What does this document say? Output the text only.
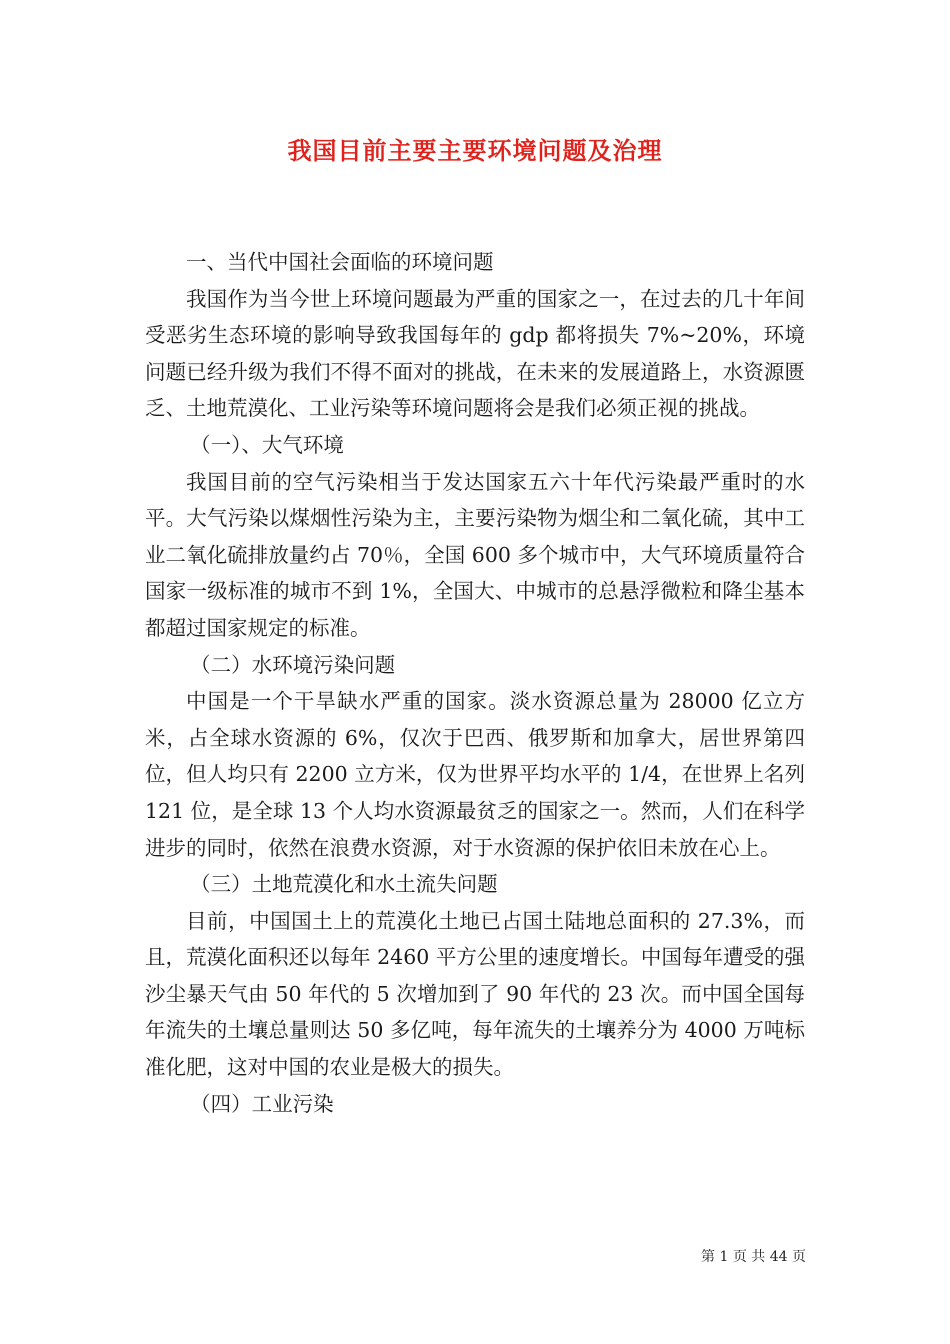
我国目前主要主要环境问题及治理

一、当代中国社会面临的环境问题

我国作为当今世上环境问题最为严重的国家之一，在过去的几十年间受恶劣生态环境的影响导致我国每年的 gdp 都将损失 7%~20%，环境问题已经升级为我们不得不面对的挑战，在未来的发展道路上，水资源匮乏、土地荒漠化、工业污染等环境问题将会是我们必须正视的挑战。

（一）、大气环境

我国目前的空气污染相当于发达国家五六十年代污染最严重时的水平。大气污染以煤烟性污染为主，主要污染物为烟尘和二氧化硫，其中工业二氧化硫排放量约占 70％，全国 600 多个城市中，大气环境质量符合国家一级标准的城市不到 1%，全国大、中城市的总悬浮微粒和降尘基本都超过国家规定的标准。

（二）水环境污染问题

中国是一个干旱缺水严重的国家。淡水资源总量为 28000 亿立方米，占全球水资源的 6%，仅次于巴西、俄罗斯和加拿大，居世界第四位，但人均只有 2200 立方米，仅为世界平均水平的 1/4，在世界上名列 121 位，是全球 13 个人均水资源最贫乏的国家之一。然而，人们在科学进步的同时，依然在浪费水资源，对于水资源的保护依旧未放在心上。

（三）土地荒漠化和水土流失问题

目前，中国国土上的荒漠化土地已占国土陆地总面积的 27.3%，而且，荒漠化面积还以每年 2460 平方公里的速度增长。中国每年遭受的强沙尘暴天气由 50 年代的 5 次增加到了 90 年代的 23 次。而中国全国每年流失的土壤总量则达 50 多亿吨，每年流失的土壤养分为 4000 万吨标准化肥，这对中国的农业是极大的损失。

（四）工业污染

第 1 页 共 44 页
